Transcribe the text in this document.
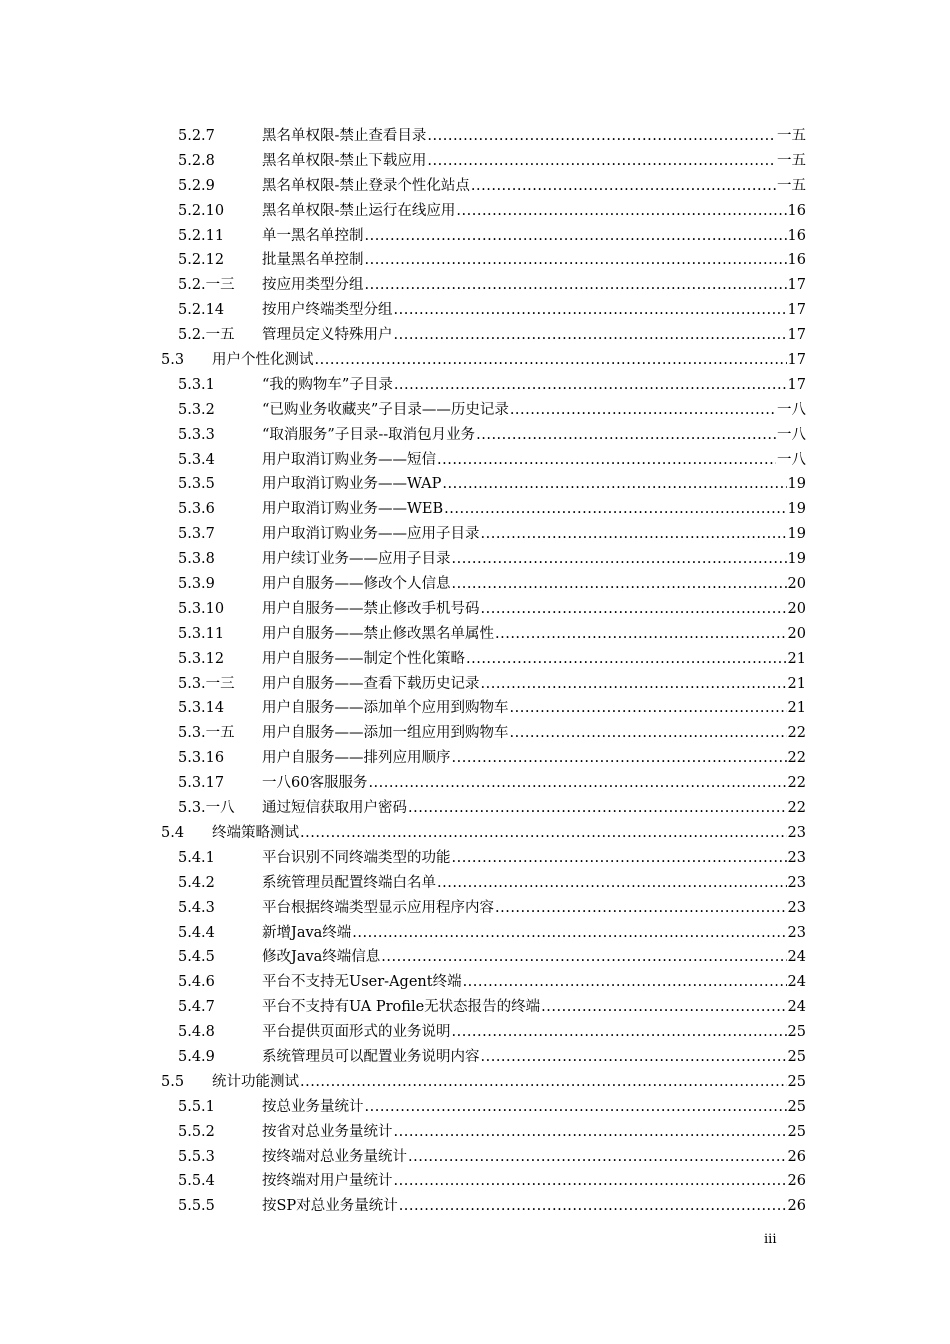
5.2.7	黑名单权限-禁止查看目录 .....	一五
5.2.8	黑名单权限-禁止下载应用 .....	一五
5.2.9	黑名单权限-禁止登录个性化站点 .....	一五
5.2.10	黑名单权限-禁止运行在线应用 .....	16
5.2.11	单一黑名单控制 .....	16
5.2.12	批量黑名单控制 .....	16
5.2.一三 按应用类型分组 .....	17
5.2.14	按用户终端类型分组 .....	17
5.2.一五 管理员定义特殊用户 .....	17
5.3 用户个性化测试 .....	17
5.3.1	“我的购物车”子目录 .....	17
5.3.2	“已购业务收藏夹”子目录——历史记录 .....	一八
5.3.3	“取消服务”子目录--取消包月业务 .....	一八
5.3.4	用户取消订购业务——短信 .....	一八
5.3.5	用户取消订购业务——WAP .....	19
5.3.6	用户取消订购业务——WEB .....	19
5.3.7	用户取消订购业务——应用子目录 .....	19
5.3.8	用户续订业务——应用子目录 .....	19
5.3.9	用户自服务——修改个人信息 .....	20
5.3.10	用户自服务——禁止修改手机号码 .....	20
5.3.11	用户自服务——禁止修改黑名单属性 .....	20
5.3.12	用户自服务——制定个性化策略 .....	21
5.3.一三 用户自服务——查看下载历史记录 .....	21
5.3.14	用户自服务——添加单个应用到购物车 .....	21
5.3.一五 用户自服务——添加一组应用到购物车 .....	22
5.3.16	用户自服务——排列应用顺序 .....	22
5.3.17	一八60客服服务 .....	22
5.3.一八 通过短信获取用户密码 .....	22
5.4 终端策略测试 .....	23
5.4.1	平台识别不同终端类型的功能 .....	23
5.4.2	系统管理员配置终端白名单 .....	23
5.4.3	平台根据终端类型显示应用程序内容 .....	23
5.4.4	新增Java终端 .....	23
5.4.5	修改Java终端信息 .....	24
5.4.6	平台不支持无User-Agent终端 .....	24
5.4.7	平台不支持有UA Profile无状态报告的终端 .....	24
5.4.8	平台提供页面形式的业务说明 .....	25
5.4.9	系统管理员可以配置业务说明内容 .....	25
5.5 统计功能测试 .....	25
5.5.1	按总业务量统计 .....	25
5.5.2	按省对总业务量统计 .....	25
5.5.3	按终端对总业务量统计 .....	26
5.5.4	按终端对用户量统计 .....	26
5.5.5	按SP对总业务量统计 .....	26
iii
